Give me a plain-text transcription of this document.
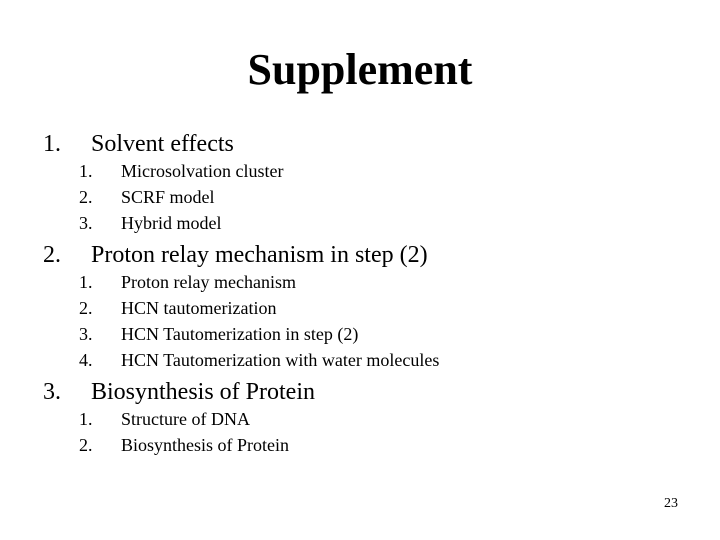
Supplement
1. Solvent effects
1. Microsolvation cluster
2. SCRF model
3. Hybrid model
2. Proton relay mechanism in step (2)
1. Proton relay mechanism
2. HCN tautomerization
3. HCN Tautomerization in step (2)
4. HCN Tautomerization with water molecules
3. Biosynthesis of Protein
1. Structure of DNA
2. Biosynthesis of Protein
23
